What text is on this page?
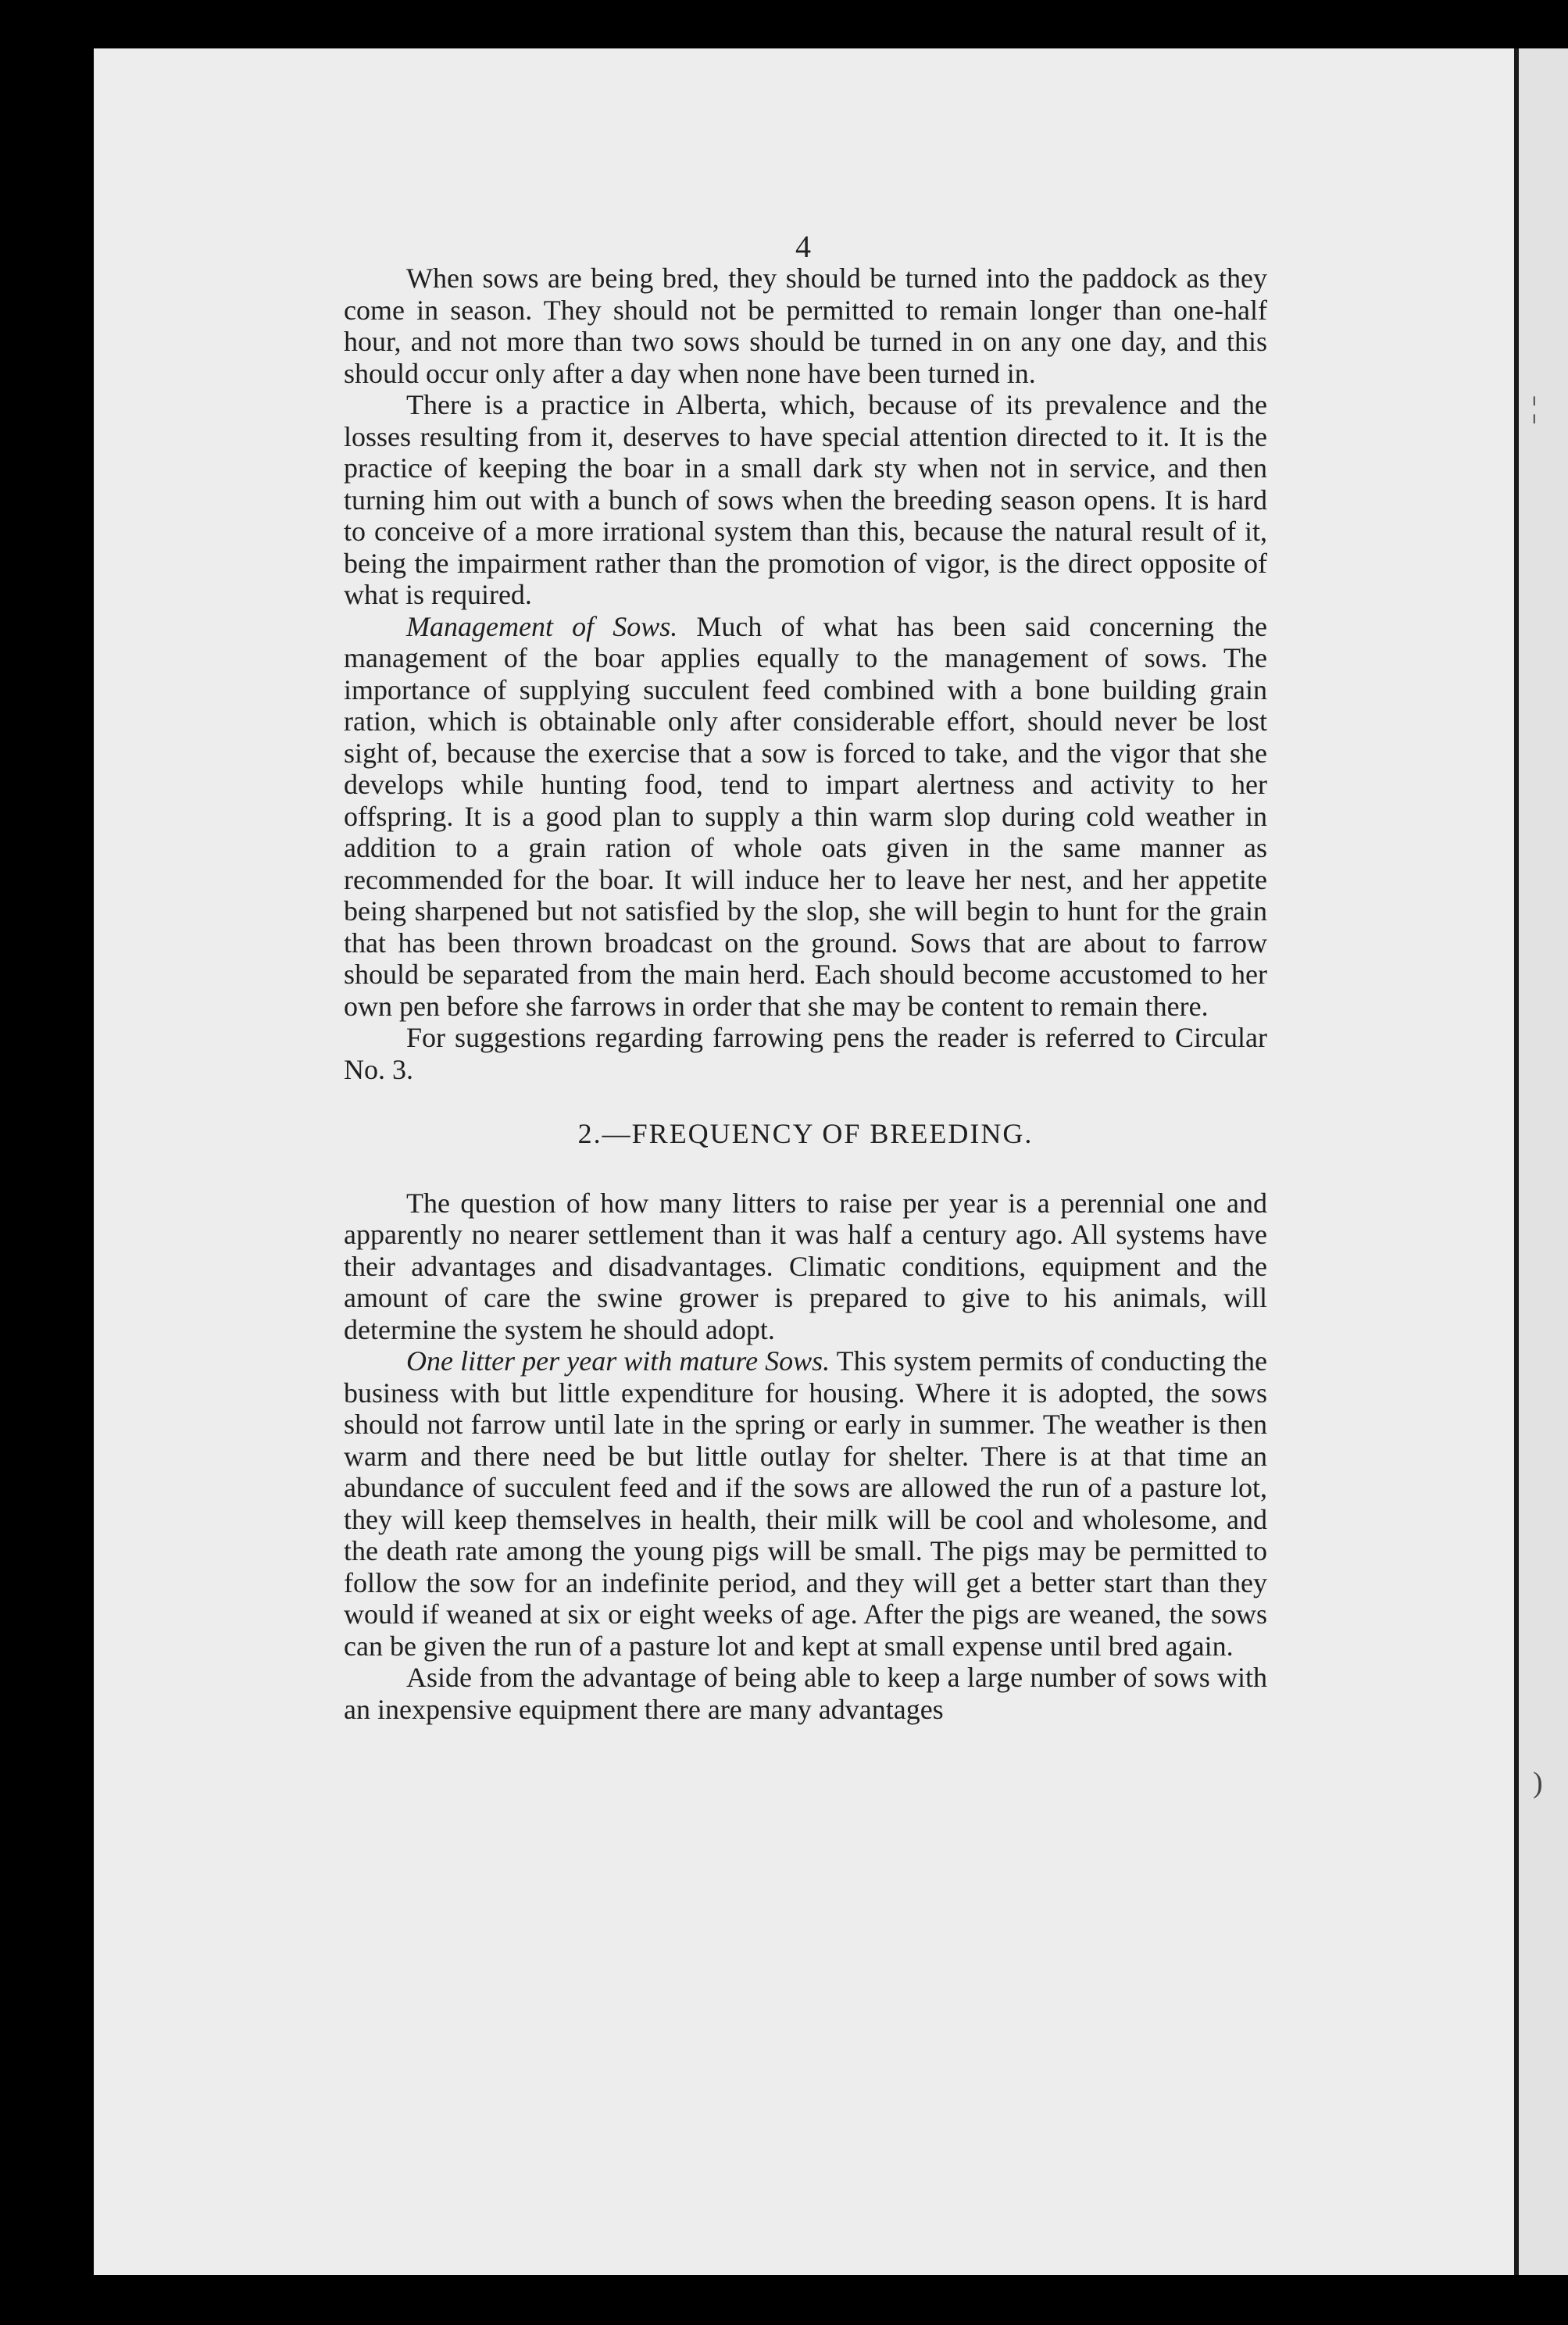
¦
)
4

When sows are being bred, they should be turned into the paddock as they come in season. They should not be permitted to remain longer than one-half hour, and not more than two sows should be turned in on any one day, and this should occur only after a day when none have been turned in.

There is a practice in Alberta, which, because of its prevalence and the losses resulting from it, deserves to have special attention directed to it. It is the practice of keeping the boar in a small dark sty when not in service, and then turning him out with a bunch of sows when the breeding season opens. It is hard to conceive of a more irrational system than this, because the natural result of it, being the impairment rather than the promotion of vigor, is the direct opposite of what is required.

Management of Sows. Much of what has been said concerning the management of the boar applies equally to the management of sows. The importance of supplying succulent feed combined with a bone building grain ration, which is obtainable only after considerable effort, should never be lost sight of, because the exercise that a sow is forced to take, and the vigor that she develops while hunting food, tend to impart alertness and activity to her offspring. It is a good plan to supply a thin warm slop during cold weather in addition to a grain ration of whole oats given in the same manner as recommended for the boar. It will induce her to leave her nest, and her appetite being sharpened but not satisfied by the slop, she will begin to hunt for the grain that has been thrown broadcast on the ground. Sows that are about to farrow should be separated from the main herd. Each should become accustomed to her own pen before she farrows in order that she may be content to remain there.

For suggestions regarding farrowing pens the reader is referred to Circular No. 3.

2.—FREQUENCY OF BREEDING.

The question of how many litters to raise per year is a perennial one and apparently no nearer settlement than it was half a century ago. All systems have their advantages and disadvantages. Climatic conditions, equipment and the amount of care the swine grower is prepared to give to his animals, will determine the system he should adopt.

One litter per year with mature Sows. This system permits of conducting the business with but little expenditure for housing. Where it is adopted, the sows should not farrow until late in the spring or early in summer. The weather is then warm and there need be but little outlay for shelter. There is at that time an abundance of succulent feed and if the sows are allowed the run of a pasture lot, they will keep themselves in health, their milk will be cool and wholesome, and the death rate among the young pigs will be small. The pigs may be permitted to follow the sow for an indefinite period, and they will get a better start than they would if weaned at six or eight weeks of age. After the pigs are weaned, the sows can be given the run of a pasture lot and kept at small expense until bred again.

Aside from the advantage of being able to keep a large number of sows with an inexpensive equipment there are many advantages
